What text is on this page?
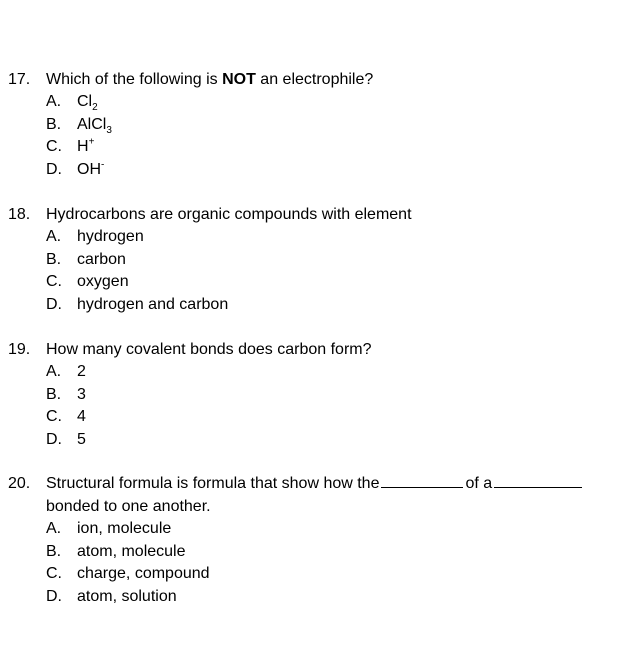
17. Which of the following is NOT an electrophile?
A. $Cl_2$
B. AlCl$_3$
C. H+
D. OH-
18. Hydrocarbons are organic compounds with element
A. hydrogen
B. carbon
C. oxygen
D. hydrogen and carbon
19. How many covalent bonds does carbon form?
A. 2
B. 3
C. 4
D. 5
20. Structural formula is formula that show how the	of a
bonded to one another.
A. ion, molecule
B. atom, molecule
C. charge, compound
D. atom, solution
